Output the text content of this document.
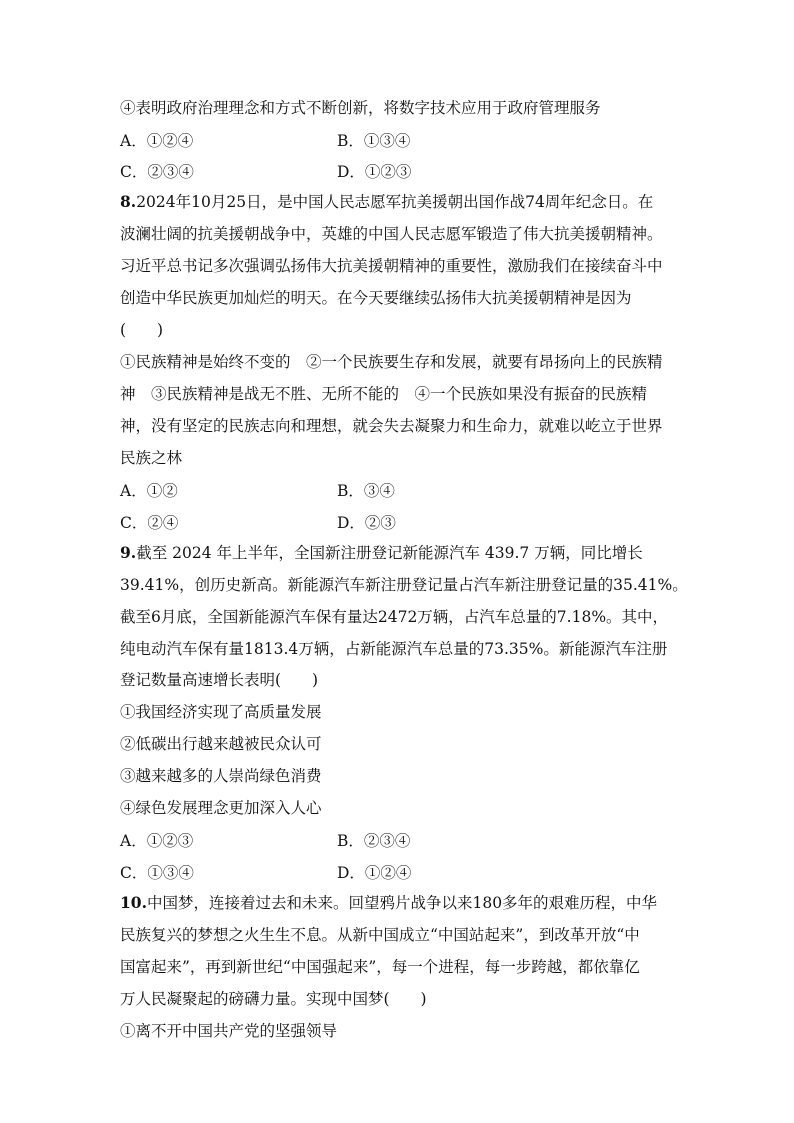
④表明政府治理理念和方式不断创新，将数字技术应用于政府管理服务
A．①②④	B．①③④
C．②③④	D．①②③
8.2024年10月25日，是中国人民志愿军抗美援朝出国作战74周年纪念日。在
波澜壮阔的抗美援朝战争中，英雄的中国人民志愿军锻造了伟大抗美援朝精神。
习近平总书记多次强调弘扬伟大抗美援朝精神的重要性，激励我们在接续奋斗中
创造中华民族更加灿烂的明天。在今天要继续弘扬伟大抗美援朝精神是因为
(　　)
①民族精神是始终不变的　②一个民族要生存和发展，就要有昂扬向上的民族精
神　③民族精神是战无不胜、无所不能的　④一个民族如果没有振奋的民族精
神，没有坚定的民族志向和理想，就会失去凝聚力和生命力，就难以屹立于世界
民族之林
A．①②	B．③④
C．②④	D．②③
9.截至 2024 年上半年，全国新注册登记新能源汽车 439.7 万辆，同比增长
39.41%，创历史新高。新能源汽车新注册登记量占汽车新注册登记量的35.41%。
截至6月底，全国新能源汽车保有量达2472万辆，占汽车总量的7.18%。其中，
纯电动汽车保有量1813.4万辆，占新能源汽车总量的73.35%。新能源汽车注册
登记数量高速增长表明(　　)
①我国经济实现了高质量发展
②低碳出行越来越被民众认可
③越来越多的人崇尚绿色消费
④绿色发展理念更加深入人心
A．①②③	B．②③④
C．①③④	D．①②④
10.中国梦，连接着过去和未来。回望鸦片战争以来180多年的艰难历程，中华
民族复兴的梦想之火生生不息。从新中国成立“中国站起来”，到改革开放“中
国富起来”，再到新世纪“中国强起来”，每一个进程，每一步跨越，都依靠亿
万人民凝聚起的磅礴力量。实现中国梦(　　)
①离不开中国共产党的坚强领导
